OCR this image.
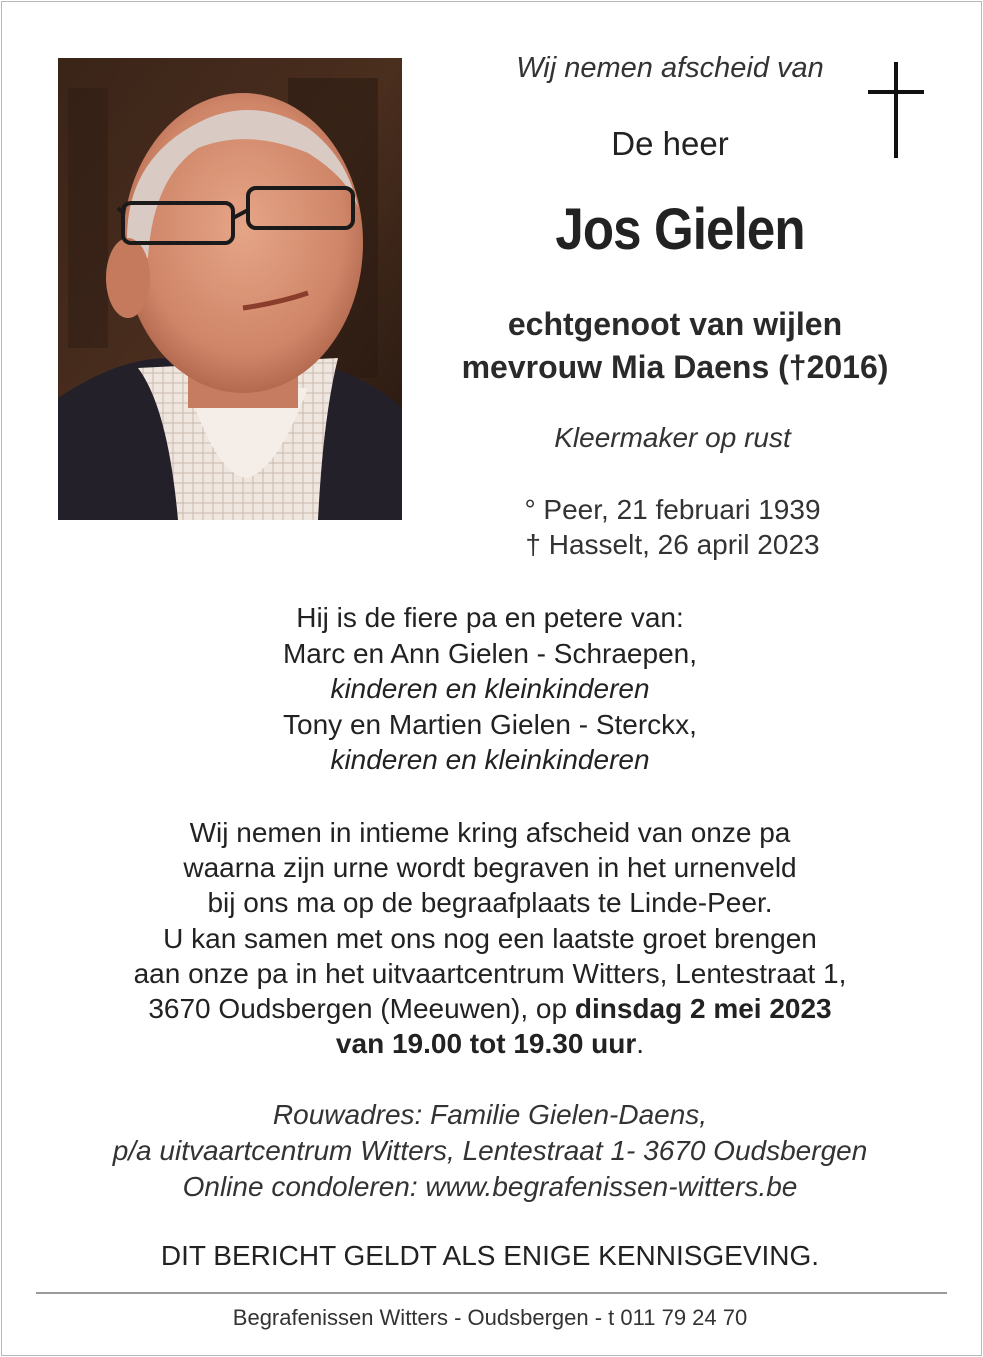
Wij nemen afscheid van
De heer
Jos Gielen
echtgenoot van wijlen
mevrouw Mia Daens (†2016)
Kleermaker op rust
° Peer, 21 februari 1939
† Hasselt, 26 april 2023
Hij is de fiere pa en petere van:
Marc en Ann Gielen - Schraepen,
kinderen en kleinkinderen
Tony en Martien Gielen - Sterckx,
kinderen en kleinkinderen
Wij nemen in intieme kring afscheid van onze pa
waarna zijn urne wordt begraven in het urnenveld
bij ons ma op de begraafplaats te Linde-Peer.
U kan samen met ons nog een laatste groet brengen
aan onze pa in het uitvaartcentrum Witters, Lentestraat 1,
3670 Oudsbergen (Meeuwen), op dinsdag 2 mei 2023
van 19.00 tot 19.30 uur.
Rouwadres: Familie Gielen-Daens,
p/a uitvaartcentrum Witters, Lentestraat 1- 3670 Oudsbergen
Online condoleren: www.begrafenissen-witters.be
DIT BERICHT GELDT ALS ENIGE KENNISGEVING.
Begrafenissen Witters - Oudsbergen - t 011 79 24 70
